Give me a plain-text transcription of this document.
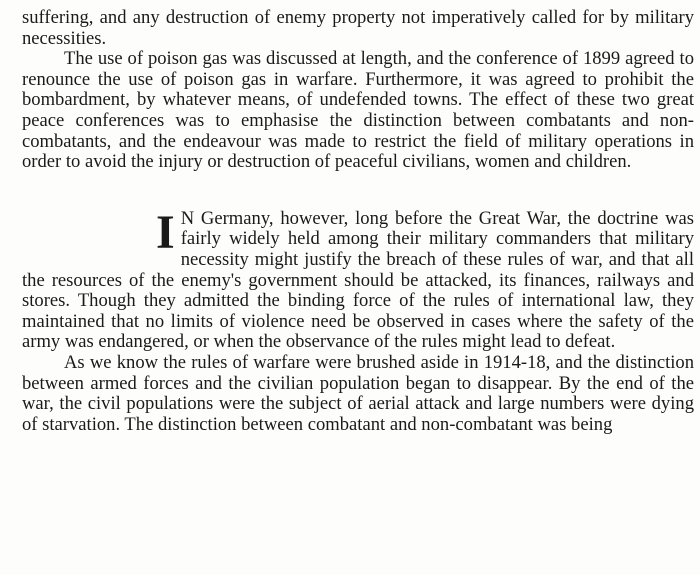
suffering, and any destruction of enemy property not imperatively called for by military necessities.

The use of poison gas was discussed at length, and the conference of 1899 agreed to renounce the use of poison gas in warfare. Furthermore, it was agreed to prohibit the bombardment, by whatever means, of undefended towns. The effect of these two great peace conferences was to emphasise the distinction between combatants and non-combatants, and the endeavour was made to restrict the field of military operations in order to avoid the injury or destruction of peaceful civilians, women and children.

I N Germany, however, long before the Great War, the doctrine was fairly widely held among their military commanders that military necessity might justify the breach of these rules of war, and that all the resources of the enemy's government should be attacked, its finances, railways and stores. Though they admitted the binding force of the rules of international law, they maintained that no limits of violence need be observed in cases where the safety of the army was endangered, or when the observance of the rules might lead to defeat.

As we know the rules of warfare were brushed aside in 1914-18, and the distinction between armed forces and the civilian population began to disappear. By the end of the war, the civil populations were the subject of aerial attack and large numbers were dying of starvation. The distinction between combatant and non-combatant was being
